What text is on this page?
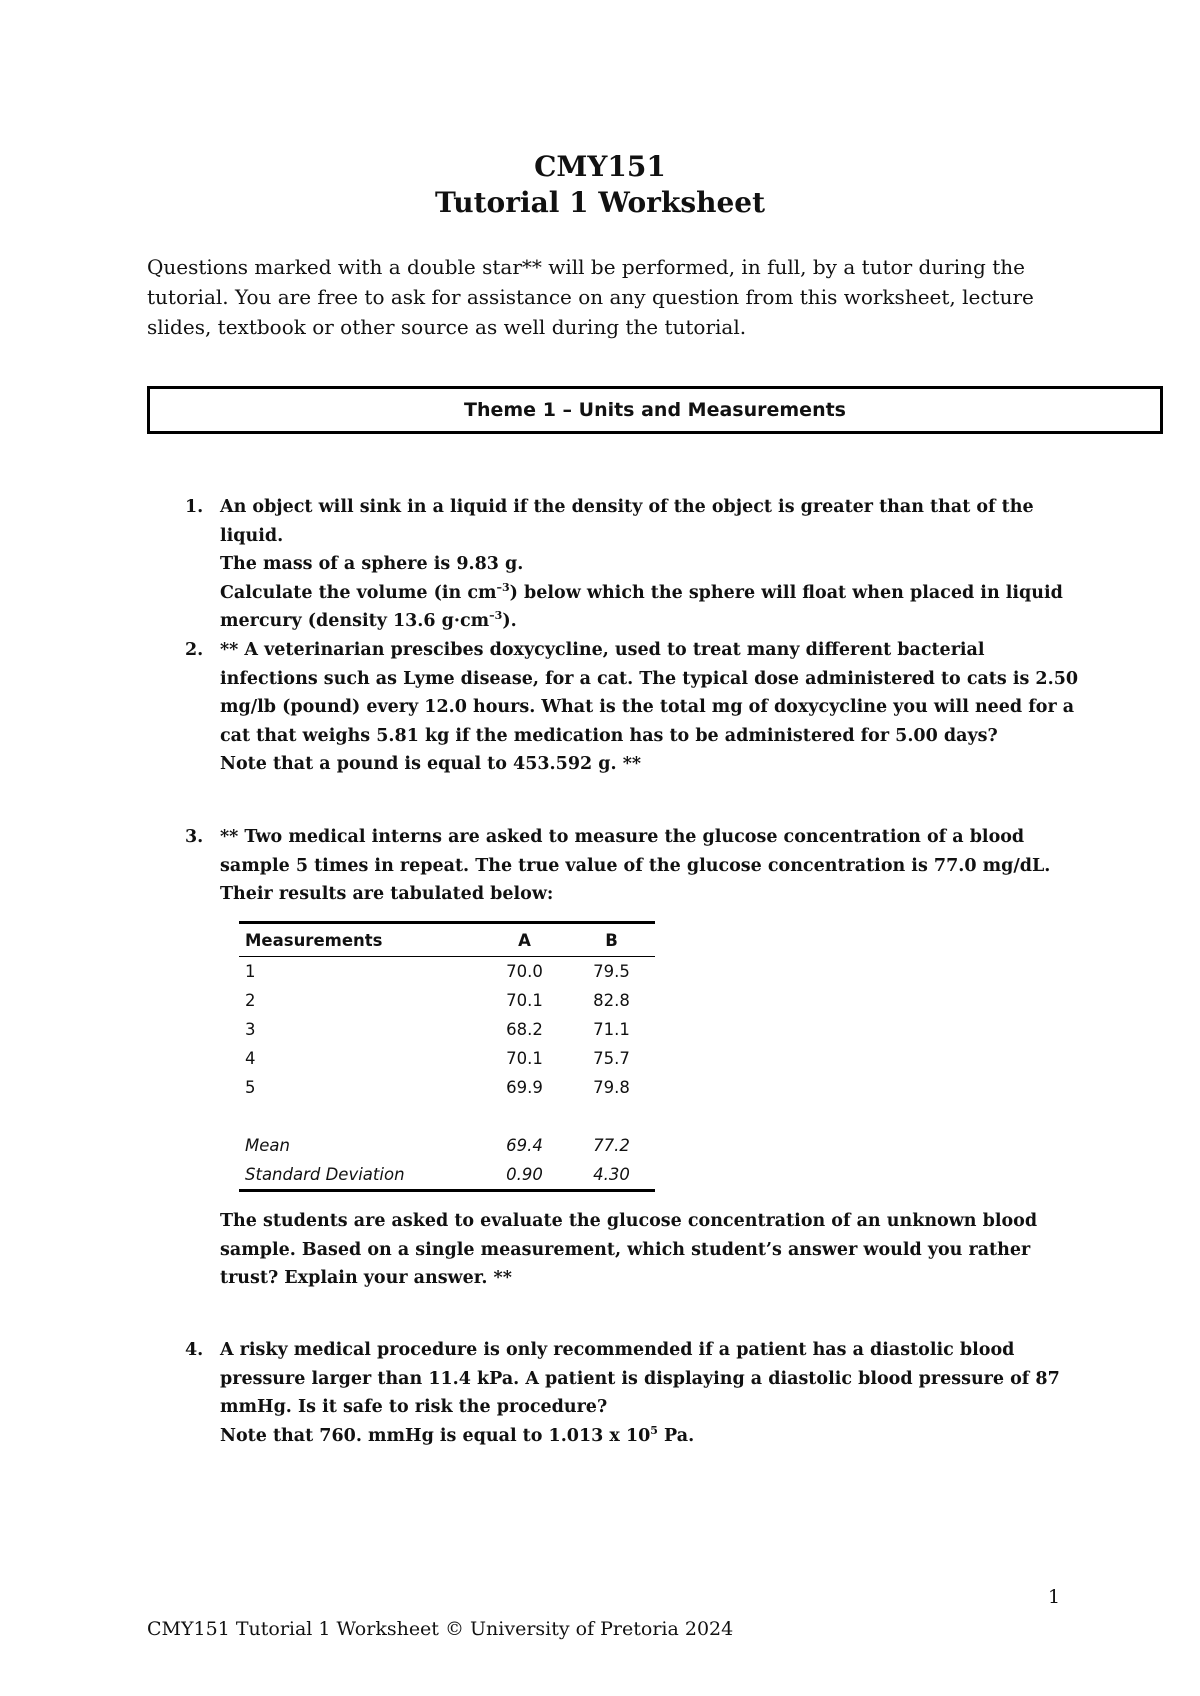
CMY151
Tutorial 1 Worksheet
Questions marked with a double star** will be performed, in full, by a tutor during the tutorial. You are free to ask for assistance on any question from this worksheet, lecture slides, textbook or other source as well during the tutorial.
Theme 1 – Units and Measurements
1. An object will sink in a liquid if the density of the object is greater than that of the liquid.

The mass of a sphere is 9.83 g.

Calculate the volume (in $cm^{-3}$) below which the sphere will float when placed in liquid mercury (density 13.6 $g\cdot cm^{-3}$).

2. ** A veterinarian prescibes doxycycline, used to treat many different bacterial infections such as Lyme disease, for a cat. The typical dose administered to cats is 2.50 mg/lb (pound) every 12.0 hours. What is the total mg of doxycycline you will need for a cat that weighs 5.81 kg if the medication has to be administered for 5.00 days?

Note that a pound is equal to 453.592 g. **

3. ** Two medical interns are asked to measure the glucose concentration of a blood sample 5 times in repeat. The true value of the glucose concentration is 77.0 mg/dL. Their results are tabulated below:

Measurements	A	B
1	70.0	79.5
2	70.1	82.8
3	68.2	71.1
4	70.1	75.7
5	69.9	79.8

Mean	69.4	77.2
Standard Deviation	0.90	4.30

The students are asked to evaluate the glucose concentration of an unknown blood sample. Based on a single measurement, which student’s answer would you rather trust? Explain your answer. **

4. A risky medical procedure is only recommended if a patient has a diastolic blood pressure larger than 11.4 kPa. A patient is displaying a diastolic blood pressure of 87 mmHg. Is it safe to risk the procedure?

Note that 760. mmHg is equal to 1.013 x $10^5$ Pa.

1
CMY151 Tutorial 1 Worksheet © University of Pretoria 2024
